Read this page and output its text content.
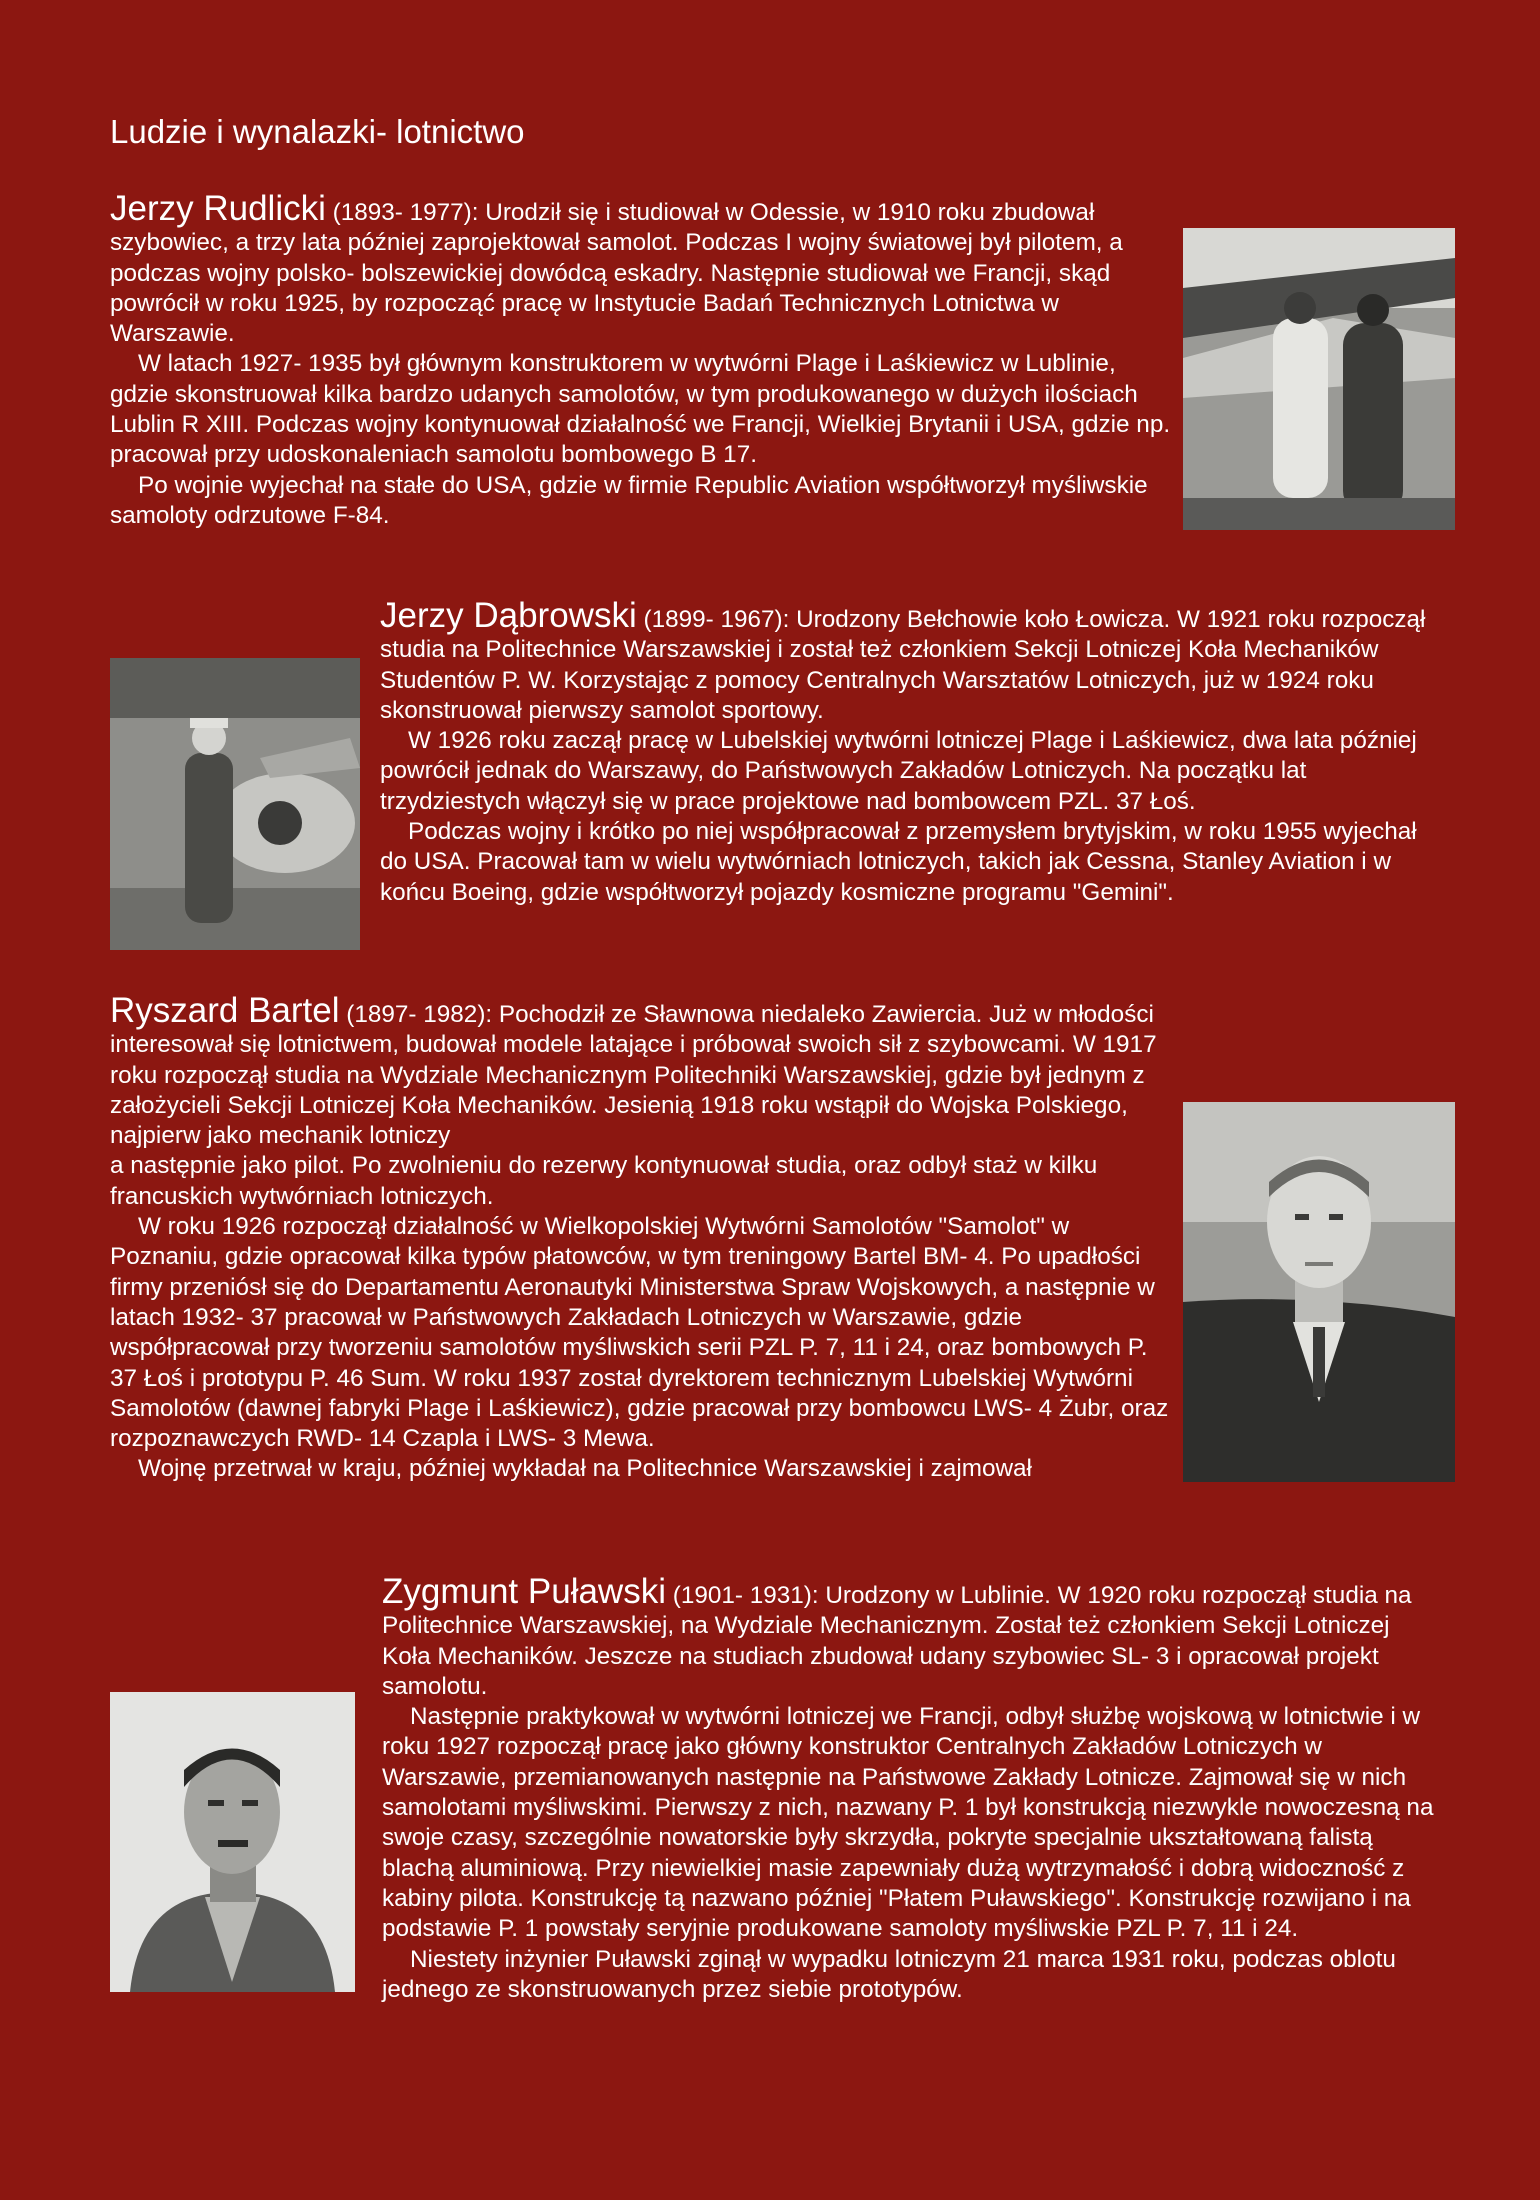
Ludzie i wynalazki- lotnictwo

Jerzy Rudlicki (1893- 1977): Urodził się i studiował w Odessie, w 1910 roku zbudował szybowiec, a trzy lata później zaprojektował samolot. Podczas I wojny światowej był pilotem, a podczas wojny polsko- bolszewickiej dowódcą eskadry. Następnie studiował we Francji, skąd powrócił w roku 1925, by rozpocząć pracę w Instytucie Badań Technicznych Lotnictwa w Warszawie.

W latach 1927- 1935 był głównym konstruktorem w wytwórni Plage i Laśkiewicz w Lublinie, gdzie skonstruował kilka bardzo udanych samolotów, w tym produkowanego w dużych ilościach Lublin R XIII. Podczas wojny kontynuował działalność we Francji, Wielkiej Brytanii i USA, gdzie np. pracował przy udoskonaleniach samolotu bombowego B 17.

Po wojnie wyjechał na stałe do USA, gdzie w firmie Republic Aviation współtworzył myśliwskie samoloty odrzutowe F-84.

Jerzy Dąbrowski (1899- 1967): Urodzony Bełchowie koło Łowicza. W 1921 roku rozpoczął studia na Politechnice Warszawskiej i został też członkiem Sekcji Lotniczej Koła Mechaników Studentów P. W. Korzystając z pomocy Centralnych Warsztatów Lotniczych, już w 1924 roku skonstruował pierwszy samolot sportowy.

W 1926 roku zaczął pracę w Lubelskiej wytwórni lotniczej Plage i Laśkiewicz, dwa lata później powrócił jednak do Warszawy, do Państwowych Zakładów Lotniczych. Na początku lat trzydziestych włączył się w prace projektowe nad bombowcem PZL. 37 Łoś.

Podczas wojny i krótko po niej współpracował z przemysłem brytyjskim, w roku 1955 wyjechał do USA. Pracował tam w wielu wytwórniach lotniczych, takich jak Cessna, Stanley Aviation i w końcu Boeing, gdzie współtworzył pojazdy kosmiczne programu "Gemini".

Ryszard Bartel (1897- 1982): Pochodził ze Sławnowa niedaleko Zawiercia. Już w młodości interesował się lotnictwem, budował modele latające i próbował swoich sił z szybowcami. W 1917 roku rozpoczął studia na Wydziale Mechanicznym Politechniki Warszawskiej, gdzie był jednym z założycieli Sekcji Lotniczej Koła Mechaników. Jesienią 1918 roku wstąpił do Wojska Polskiego, najpierw jako mechanik lotniczy

a następnie jako pilot. Po zwolnieniu do rezerwy kontynuował studia, oraz odbył staż w kilku francuskich wytwórniach lotniczych.

W roku 1926 rozpoczął działalność w Wielkopolskiej Wytwórni Samolotów "Samolot" w Poznaniu, gdzie opracował kilka typów płatowców, w tym treningowy Bartel BM- 4. Po upadłości firmy przeniósł się do Departamentu Aeronautyki Ministerstwa Spraw Wojskowych, a następnie w latach 1932- 37 pracował w Państwowych Zakładach Lotniczych w Warszawie, gdzie współpracował przy tworzeniu samolotów myśliwskich serii PZL P. 7, 11 i 24, oraz bombowych P. 37 Łoś i prototypu P. 46 Sum. W roku 1937 został dyrektorem technicznym Lubelskiej Wytwórni Samolotów (dawnej fabryki Plage i Laśkiewicz), gdzie pracował przy bombowcu LWS- 4 Żubr, oraz rozpoznawczych RWD- 14 Czapla i LWS- 3 Mewa.

Wojnę przetrwał w kraju, później wykładał na Politechnice Warszawskiej i zajmował

Zygmunt Puławski (1901- 1931): Urodzony w Lublinie. W 1920 roku rozpoczął studia na Politechnice Warszawskiej, na Wydziale Mechanicznym. Został też członkiem Sekcji Lotniczej Koła Mechaników. Jeszcze na studiach zbudował udany szybowiec SL- 3 i opracował projekt samolotu.

Następnie praktykował w wytwórni lotniczej we Francji, odbył służbę wojskową w lotnictwie i w roku 1927 rozpoczął pracę jako główny konstruktor Centralnych Zakładów Lotniczych w Warszawie, przemianowanych następnie na Państwowe Zakłady Lotnicze. Zajmował się w nich samolotami myśliwskimi. Pierwszy z nich, nazwany P. 1 był konstrukcją niezwykle nowoczesną na swoje czasy, szczególnie nowatorskie były skrzydła, pokryte specjalnie ukształtowaną falistą blachą aluminiową. Przy niewielkiej masie zapewniały dużą wytrzymałość i dobrą widoczność z kabiny pilota. Konstrukcję tą nazwano później "Płatem Puławskiego". Konstrukcję rozwijano i na podstawie P. 1 powstały seryjnie produkowane samoloty myśliwskie PZL P. 7, 11 i 24.

Niestety inżynier Puławski zginął w wypadku lotniczym 21 marca 1931 roku, podczas oblotu jednego ze skonstruowanych przez siebie prototypów.
